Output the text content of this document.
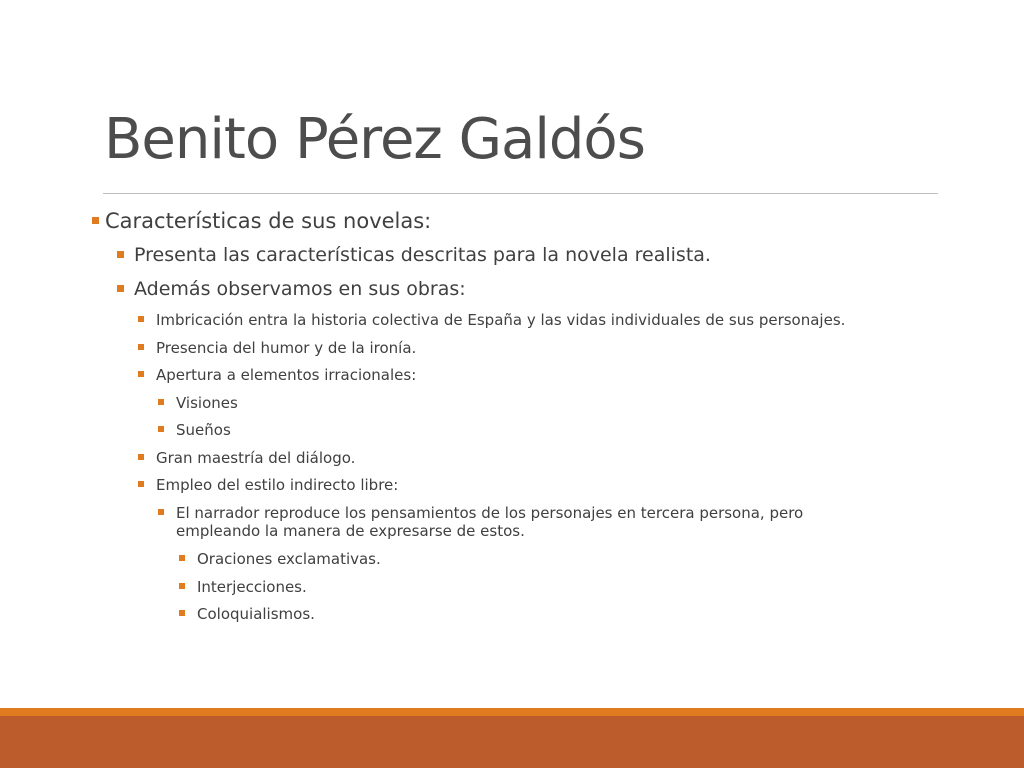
Benito Pérez Galdós
Características de sus novelas:
Presenta las características descritas para la novela realista.
Además observamos en sus obras:
Imbricación entra la historia colectiva de España y las vidas individuales de sus personajes.
Presencia del humor y de la ironía.
Apertura a elementos irracionales:
Visiones
Sueños
Gran maestría del diálogo.
Empleo del estilo indirecto libre:
El narrador reproduce los pensamientos de los personajes en tercera persona, pero empleando la manera de expresarse de estos.
Oraciones exclamativas.
Interjecciones.
Coloquialismos.
